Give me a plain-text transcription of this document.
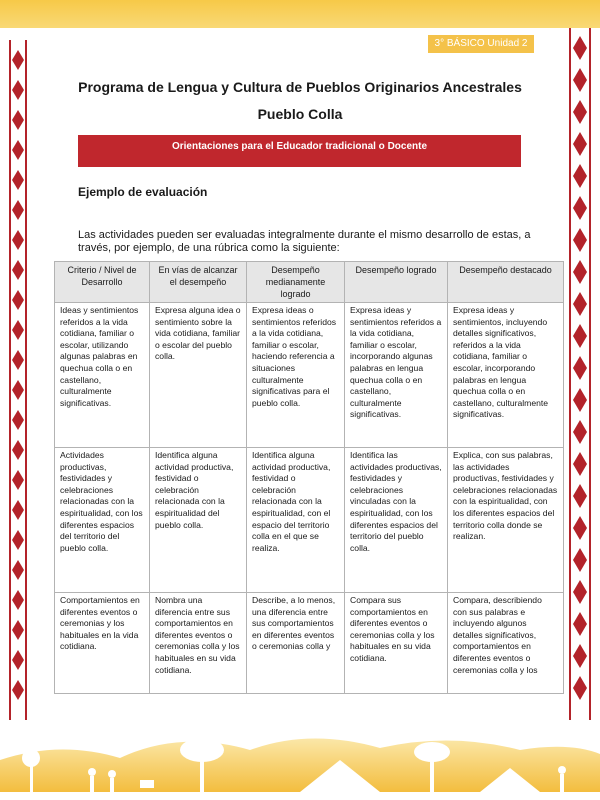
3° BÁSICO Unidad 2
Programa de Lengua y Cultura de Pueblos Originarios Ancestrales
Pueblo Colla
Orientaciones para el Educador tradicional o Docente
Ejemplo de evaluación
Las actividades pueden ser evaluadas integralmente durante el mismo desarrollo de estas, a través, por ejemplo, de una rúbrica como la siguiente:
Criterio / Nivel de Desarrollo	En vías de alcanzar el desempeño	Desempeño medianamente logrado	Desempeño logrado	Desempeño destacado
Ideas y sentimientos referidos a la vida cotidiana, familiar o escolar, utilizando algunas palabras en quechua colla o en castellano, culturalmente significativas.	Expresa alguna idea o sentimiento sobre la vida cotidiana, familiar o escolar del pueblo colla.	Expresa ideas o sentimientos referidos a la vida cotidiana, familiar o escolar, haciendo referencia a situaciones culturalmente significativas para el pueblo colla.	Expresa ideas y sentimientos referidos a la vida cotidiana, familiar o escolar, incorporando algunas palabras en lengua quechua colla o en castellano, culturalmente significativas.	Expresa ideas y sentimientos, incluyendo detalles significativos, referidos a la vida cotidiana, familiar o escolar, incorporando palabras en lengua quechua colla o en castellano, culturalmente significativas.
Actividades productivas, festividades y celebraciones relacionadas con la espiritualidad, con los diferentes espacios del territorio del pueblo colla.	Identifica alguna actividad productiva, festividad o celebración relacionada con la espiritualidad del pueblo colla.	Identifica alguna actividad productiva, festividad o celebración relacionada con la espiritualidad, con el espacio del territorio colla en el que se realiza.	Identifica las actividades productivas, festividades y celebraciones vinculadas con la espiritualidad, con los diferentes espacios del territorio del pueblo colla.	Explica, con sus palabras, las actividades productivas, festividades y celebraciones relacionadas con la espiritualidad, con los diferentes espacios del territorio colla donde se realizan.
Comportamientos en diferentes eventos o ceremonias y los habituales en la vida cotidiana.	Nombra una diferencia entre sus comportamientos en diferentes eventos o ceremonias colla y los habituales en su vida cotidiana.	Describe, a lo menos, una diferencia entre sus comportamientos en diferentes eventos o ceremonias colla y	Compara sus comportamientos en diferentes eventos o ceremonias colla y los habituales en su vida cotidiana.	Compara, describiendo con sus palabras e incluyendo algunos detalles significativos, comportamientos en diferentes eventos o ceremonias colla y los
